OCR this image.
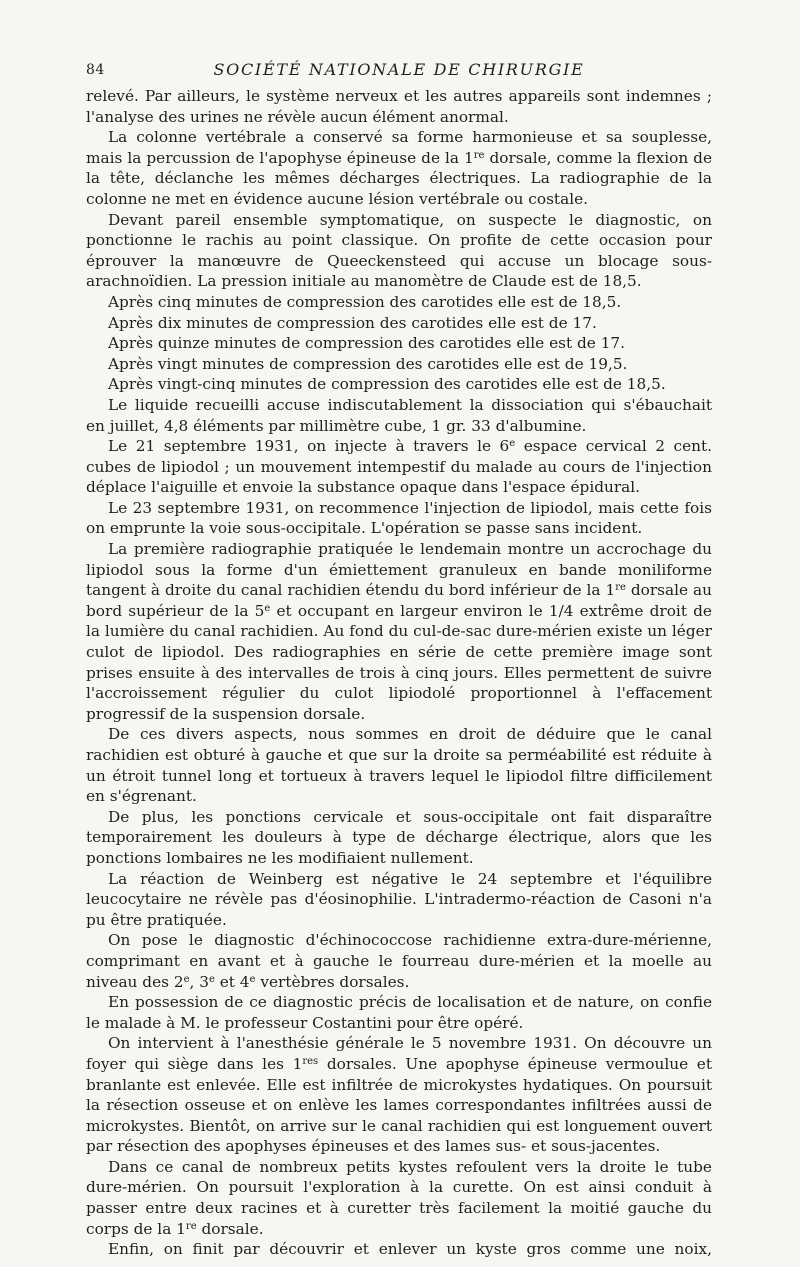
84	SOCIÉTÉ NATIONALE DE CHIRURGIE

relevé. Par ailleurs, le système nerveux et les autres appareils sont indemnes ; l'analyse des urines ne révèle aucun élément anormal.

La colonne vertébrale a conservé sa forme harmonieuse et sa souplesse, mais la percussion de l'apophyse épineuse de la 1re dorsale, comme la flexion de la tête, déclanche les mêmes décharges électriques. La radiographie de la colonne ne met en évidence aucune lésion vertébrale ou costale.

Devant pareil ensemble symptomatique, on suspecte le diagnostic, on ponctionne le rachis au point classique. On profite de cette occasion pour éprouver la manœuvre de Queeckensteed qui accuse un blocage sous-arachnoïdien. La pression initiale au manomètre de Claude est de 18,5.

Après cinq minutes de compression des carotides elle est de 18,5.

Après dix minutes de compression des carotides elle est de 17.

Après quinze minutes de compression des carotides elle est de 17.

Après vingt minutes de compression des carotides elle est de 19,5.

Après vingt-cinq minutes de compression des carotides elle est de 18,5.

Le liquide recueilli accuse indiscutablement la dissociation qui s'ébauchait en juillet, 4,8 éléments par millimètre cube, 1 gr. 33 d'albumine.

Le 21 septembre 1931, on injecte à travers le 6e espace cervical 2 cent. cubes de lipiodol ; un mouvement intempestif du malade au cours de l'injection déplace l'aiguille et envoie la substance opaque dans l'espace épidural.

Le 23 septembre 1931, on recommence l'injection de lipiodol, mais cette fois on emprunte la voie sous-occipitale. L'opération se passe sans incident.

La première radiographie pratiquée le lendemain montre un accrochage du lipiodol sous la forme d'un émiettement granuleux en bande moniliforme tangent à droite du canal rachidien étendu du bord inférieur de la 1re dorsale au bord supérieur de la 5e et occupant en largeur environ le 1/4 extrême droit de la lumière du canal rachidien. Au fond du cul-de-sac dure-mérien existe un léger culot de lipiodol. Des radiographies en série de cette première image sont prises ensuite à des intervalles de trois à cinq jours. Elles permettent de suivre l'accroissement régulier du culot lipiodolé proportionnel à l'effacement progressif de la suspension dorsale.

De ces divers aspects, nous sommes en droit de déduire que le canal rachidien est obturé à gauche et que sur la droite sa perméabilité est réduite à un étroit tunnel long et tortueux à travers lequel le lipiodol filtre difficilement en s'égrenant.

De plus, les ponctions cervicale et sous-occipitale ont fait disparaître temporairement les douleurs à type de décharge électrique, alors que les ponctions lombaires ne les modifiaient nullement.

La réaction de Weinberg est négative le 24 septembre et l'équilibre leucocytaire ne révèle pas d'éosinophilie. L'intradermo-réaction de Casoni n'a pu être pratiquée.

On pose le diagnostic d'échinococcose rachidienne extra-dure-mérienne, comprimant en avant et à gauche le fourreau dure-mérien et la moelle au niveau des 2e, 3e et 4e vertèbres dorsales.

En possession de ce diagnostic précis de localisation et de nature, on confie le malade à M. le professeur Costantini pour être opéré.

On intervient à l'anesthésie générale le 5 novembre 1931. On découvre un foyer qui siège dans les 1res dorsales. Une apophyse épineuse vermoulue et branlante est enlevée. Elle est infiltrée de microkystes hydatiques. On poursuit la résection osseuse et on enlève les lames correspondantes infiltrées aussi de microkystes. Bientôt, on arrive sur le canal rachidien qui est longuement ouvert par résection des apophyses épineuses et des lames sus- et sous-jacentes.

Dans ce canal de nombreux petits kystes refoulent vers la droite le tube dure-mérien. On poursuit l'exploration à la curette. On est ainsi conduit à passer entre deux racines et à curetter très facilement la moitié gauche du corps de la 1re dorsale.

Enfin, on finit par découvrir et enlever un kyste gros comme une noix,
